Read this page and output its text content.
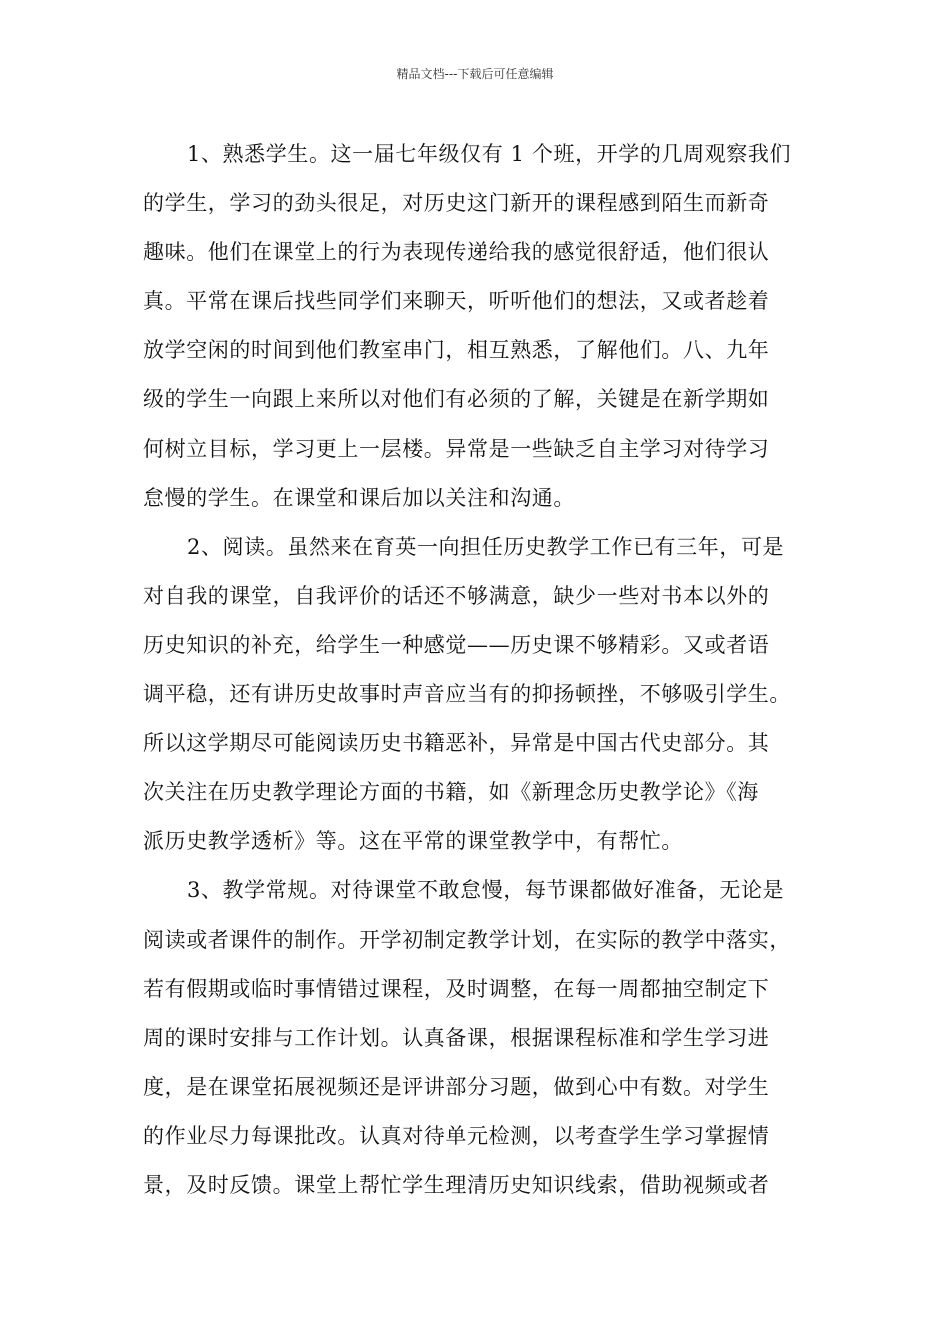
精品文档---下载后可任意编辑
1、熟悉学生。这一届七年级仅有 1 个班，开学的几周观察我们
的学生，学习的劲头很足，对历史这门新开的课程感到陌生而新奇
趣味。他们在课堂上的行为表现传递给我的感觉很舒适，他们很认
真。平常在课后找些同学们来聊天，听听他们的想法，又或者趁着
放学空闲的时间到他们教室串门，相互熟悉，了解他们。八、九年
级的学生一向跟上来所以对他们有必须的了解，关键是在新学期如
何树立目标，学习更上一层楼。异常是一些缺乏自主学习对待学习
怠慢的学生。在课堂和课后加以关注和沟通。
2、阅读。虽然来在育英一向担任历史教学工作已有三年，可是
对自我的课堂，自我评价的话还不够满意，缺少一些对书本以外的
历史知识的补充，给学生一种感觉——历史课不够精彩。又或者语
调平稳，还有讲历史故事时声音应当有的抑扬顿挫，不够吸引学生。
所以这学期尽可能阅读历史书籍恶补，异常是中国古代史部分。其
次关注在历史教学理论方面的书籍，如《新理念历史教学论》《海
派历史教学透析》等。这在平常的课堂教学中，有帮忙。
3、教学常规。对待课堂不敢怠慢，每节课都做好准备，无论是
阅读或者课件的制作。开学初制定教学计划，在实际的教学中落实，
若有假期或临时事情错过课程，及时调整，在每一周都抽空制定下
周的课时安排与工作计划。认真备课，根据课程标准和学生学习进
度，是在课堂拓展视频还是评讲部分习题，做到心中有数。对学生
的作业尽力每课批改。认真对待单元检测，以考查学生学习掌握情
景，及时反馈。课堂上帮忙学生理清历史知识线索，借助视频或者
